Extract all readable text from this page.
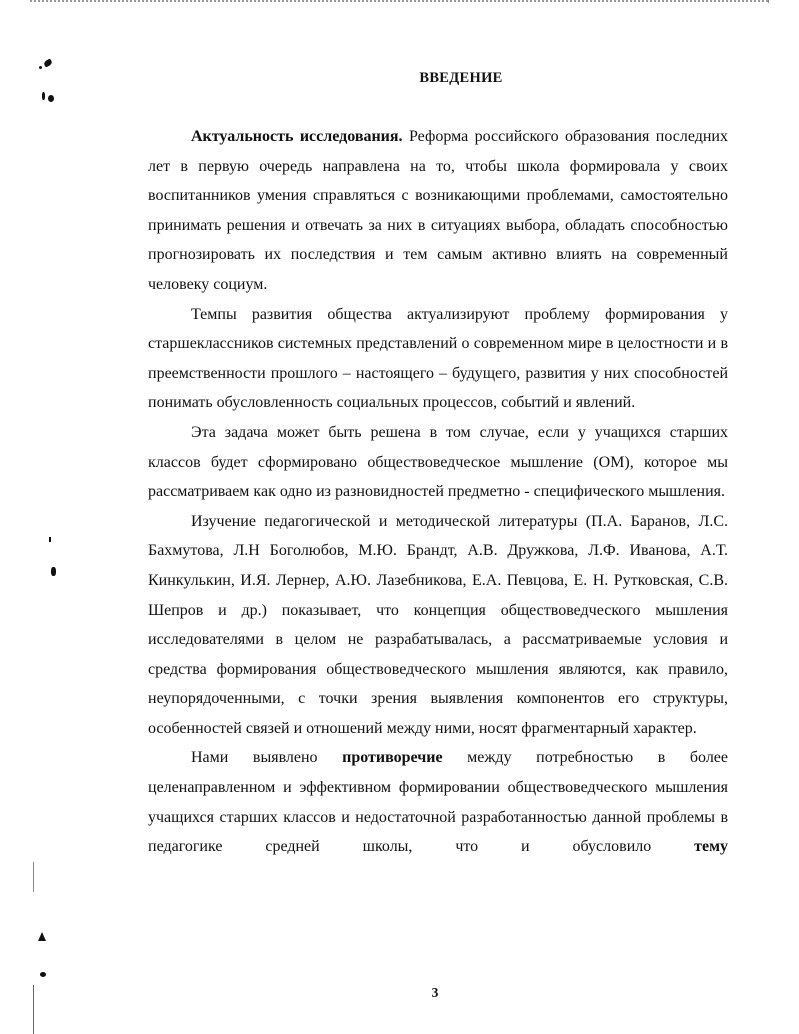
ВВЕДЕНИЕ

Актуальность исследования. Реформа российского образования последних лет в первую очередь направлена на то, чтобы школа формировала у своих воспитанников умения справляться с возникающими проблемами, самостоятельно принимать решения и отвечать за них в ситуациях выбора, обладать способностью прогнозировать их последствия и тем самым активно влиять на современный человеку социум.

Темпы развития общества актуализируют проблему формирования у старшеклассников системных представлений о современном мире в целостности и в преемственности прошлого – настоящего – будущего, развития у них способностей понимать обусловленность социальных процессов, событий и явлений.

Эта задача может быть решена в том случае, если у учащихся старших классов будет сформировано обществоведческое мышление (ОМ), которое мы рассматриваем как одно из разновидностей предметно - специфического мышления.

Изучение педагогической и методической литературы (П.А. Баранов, Л.С. Бахмутова, Л.Н Боголюбов, М.Ю. Брандт, А.В. Дружкова, Л.Ф. Иванова, А.Т. Кинкулькин, И.Я. Лернер, А.Ю. Лазебникова, Е.А. Певцова, Е. Н. Рутковская, С.В. Шепров и др.) показывает, что концепция обществоведческого мышления исследователями в целом не разрабатывалась, а рассматриваемые условия и средства формирования обществоведческого мышления являются, как правило, неупорядоченными, с точки зрения выявления компонентов его структуры, особенностей связей и отношений между ними, носят фрагментарный характер.

Нами выявлено противоречие между потребностью в более целенаправленном и эффективном формировании обществоведческого мышления учащихся старших классов и недостаточной разработанностью данной проблемы в педагогике средней школы, что и обусловило тему

3
